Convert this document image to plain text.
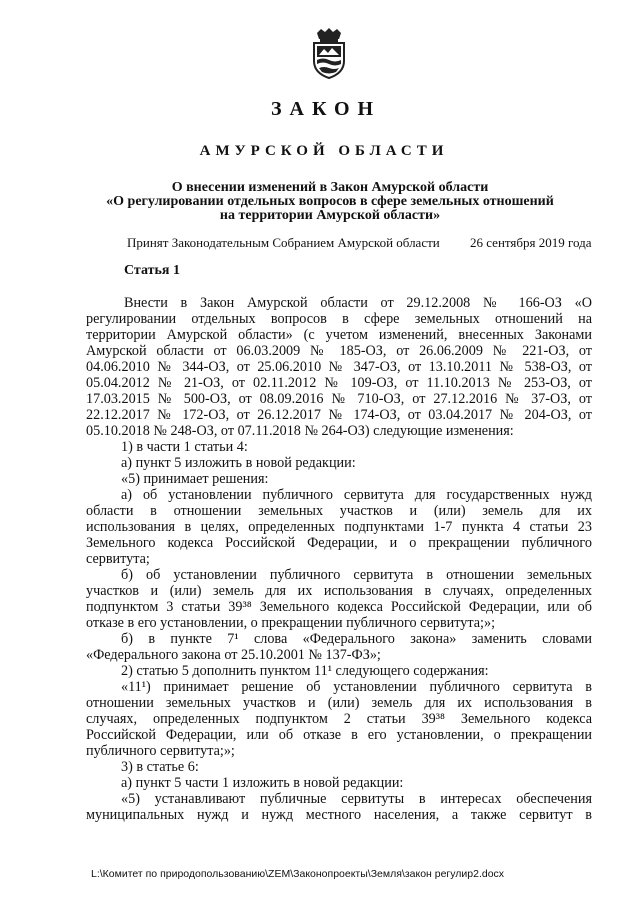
ЗАКОН
АМУРСКОЙ ОБЛАСТИ
О внесении изменений в Закон Амурской области
«О регулировании отдельных вопросов в сфере земельных отношений
на территории Амурской области»
Принят Законодательным Собранием Амурской области 26 сентября 2019 года
Статья 1
Внести в Закон Амурской области от 29.12.2008 № 166-ОЗ «О
регулировании отдельных вопросов в сфере земельных отношений на
территории Амурской области» (с учетом изменений, внесенных Законами
Амурской области от 06.03.2009 № 185-ОЗ, от 26.06.2009 № 221-ОЗ, от
04.06.2010 № 344-ОЗ, от 25.06.2010 № 347-ОЗ, от 13.10.2011 № 538-ОЗ, от
05.04.2012 № 21-ОЗ, от 02.11.2012 № 109-ОЗ, от 11.10.2013 № 253-ОЗ, от
17.03.2015 № 500-ОЗ, от 08.09.2016 № 710-ОЗ, от 27.12.2016 № 37-ОЗ, от
22.12.2017 № 172-ОЗ, от 26.12.2017 № 174-ОЗ, от 03.04.2017 № 204-ОЗ, от
05.10.2018 № 248-ОЗ, от 07.11.2018 № 264-ОЗ) следующие изменения:
1) в части 1 статьи 4:
а) пункт 5 изложить в новой редакции:
«5) принимает решения:
а) об установлении публичного сервитута для государственных нужд
области в отношении земельных участков и (или) земель для их
использования в целях, определенных подпунктами 1-7 пункта 4 статьи 23
Земельного кодекса Российской Федерации, и о прекращении публичного
сервитута;
б) об установлении публичного сервитута в отношении земельных
участков и (или) земель для их использования в случаях, определенных
подпунктом 3 статьи 39³⁸ Земельного кодекса Российской Федерации, или об
отказе в его установлении, о прекращении публичного сервитута;»;
б) в пункте 7¹ слова «Федерального закона» заменить словами
«Федерального закона от 25.10.2001 № 137-ФЗ»;
2) статью 5 дополнить пунктом 11¹ следующего содержания:
«11¹) принимает решение об установлении публичного сервитута в
отношении земельных участков и (или) земель для их использования в
случаях, определенных подпунктом 2 статьи 39³⁸ Земельного кодекса
Российской Федерации, или об отказе в его установлении, о прекращении
публичного сервитута;»;
3) в статье 6:
а) пункт 5 части 1 изложить в новой редакции:
«5) устанавливают публичные сервитуты в интересах обеспечения
муниципальных нужд и нужд местного населения, а также сервитут в
L:\Комитет по природопользованию\ZEM\Законопроекты\Земля\закон регулир2.docx
